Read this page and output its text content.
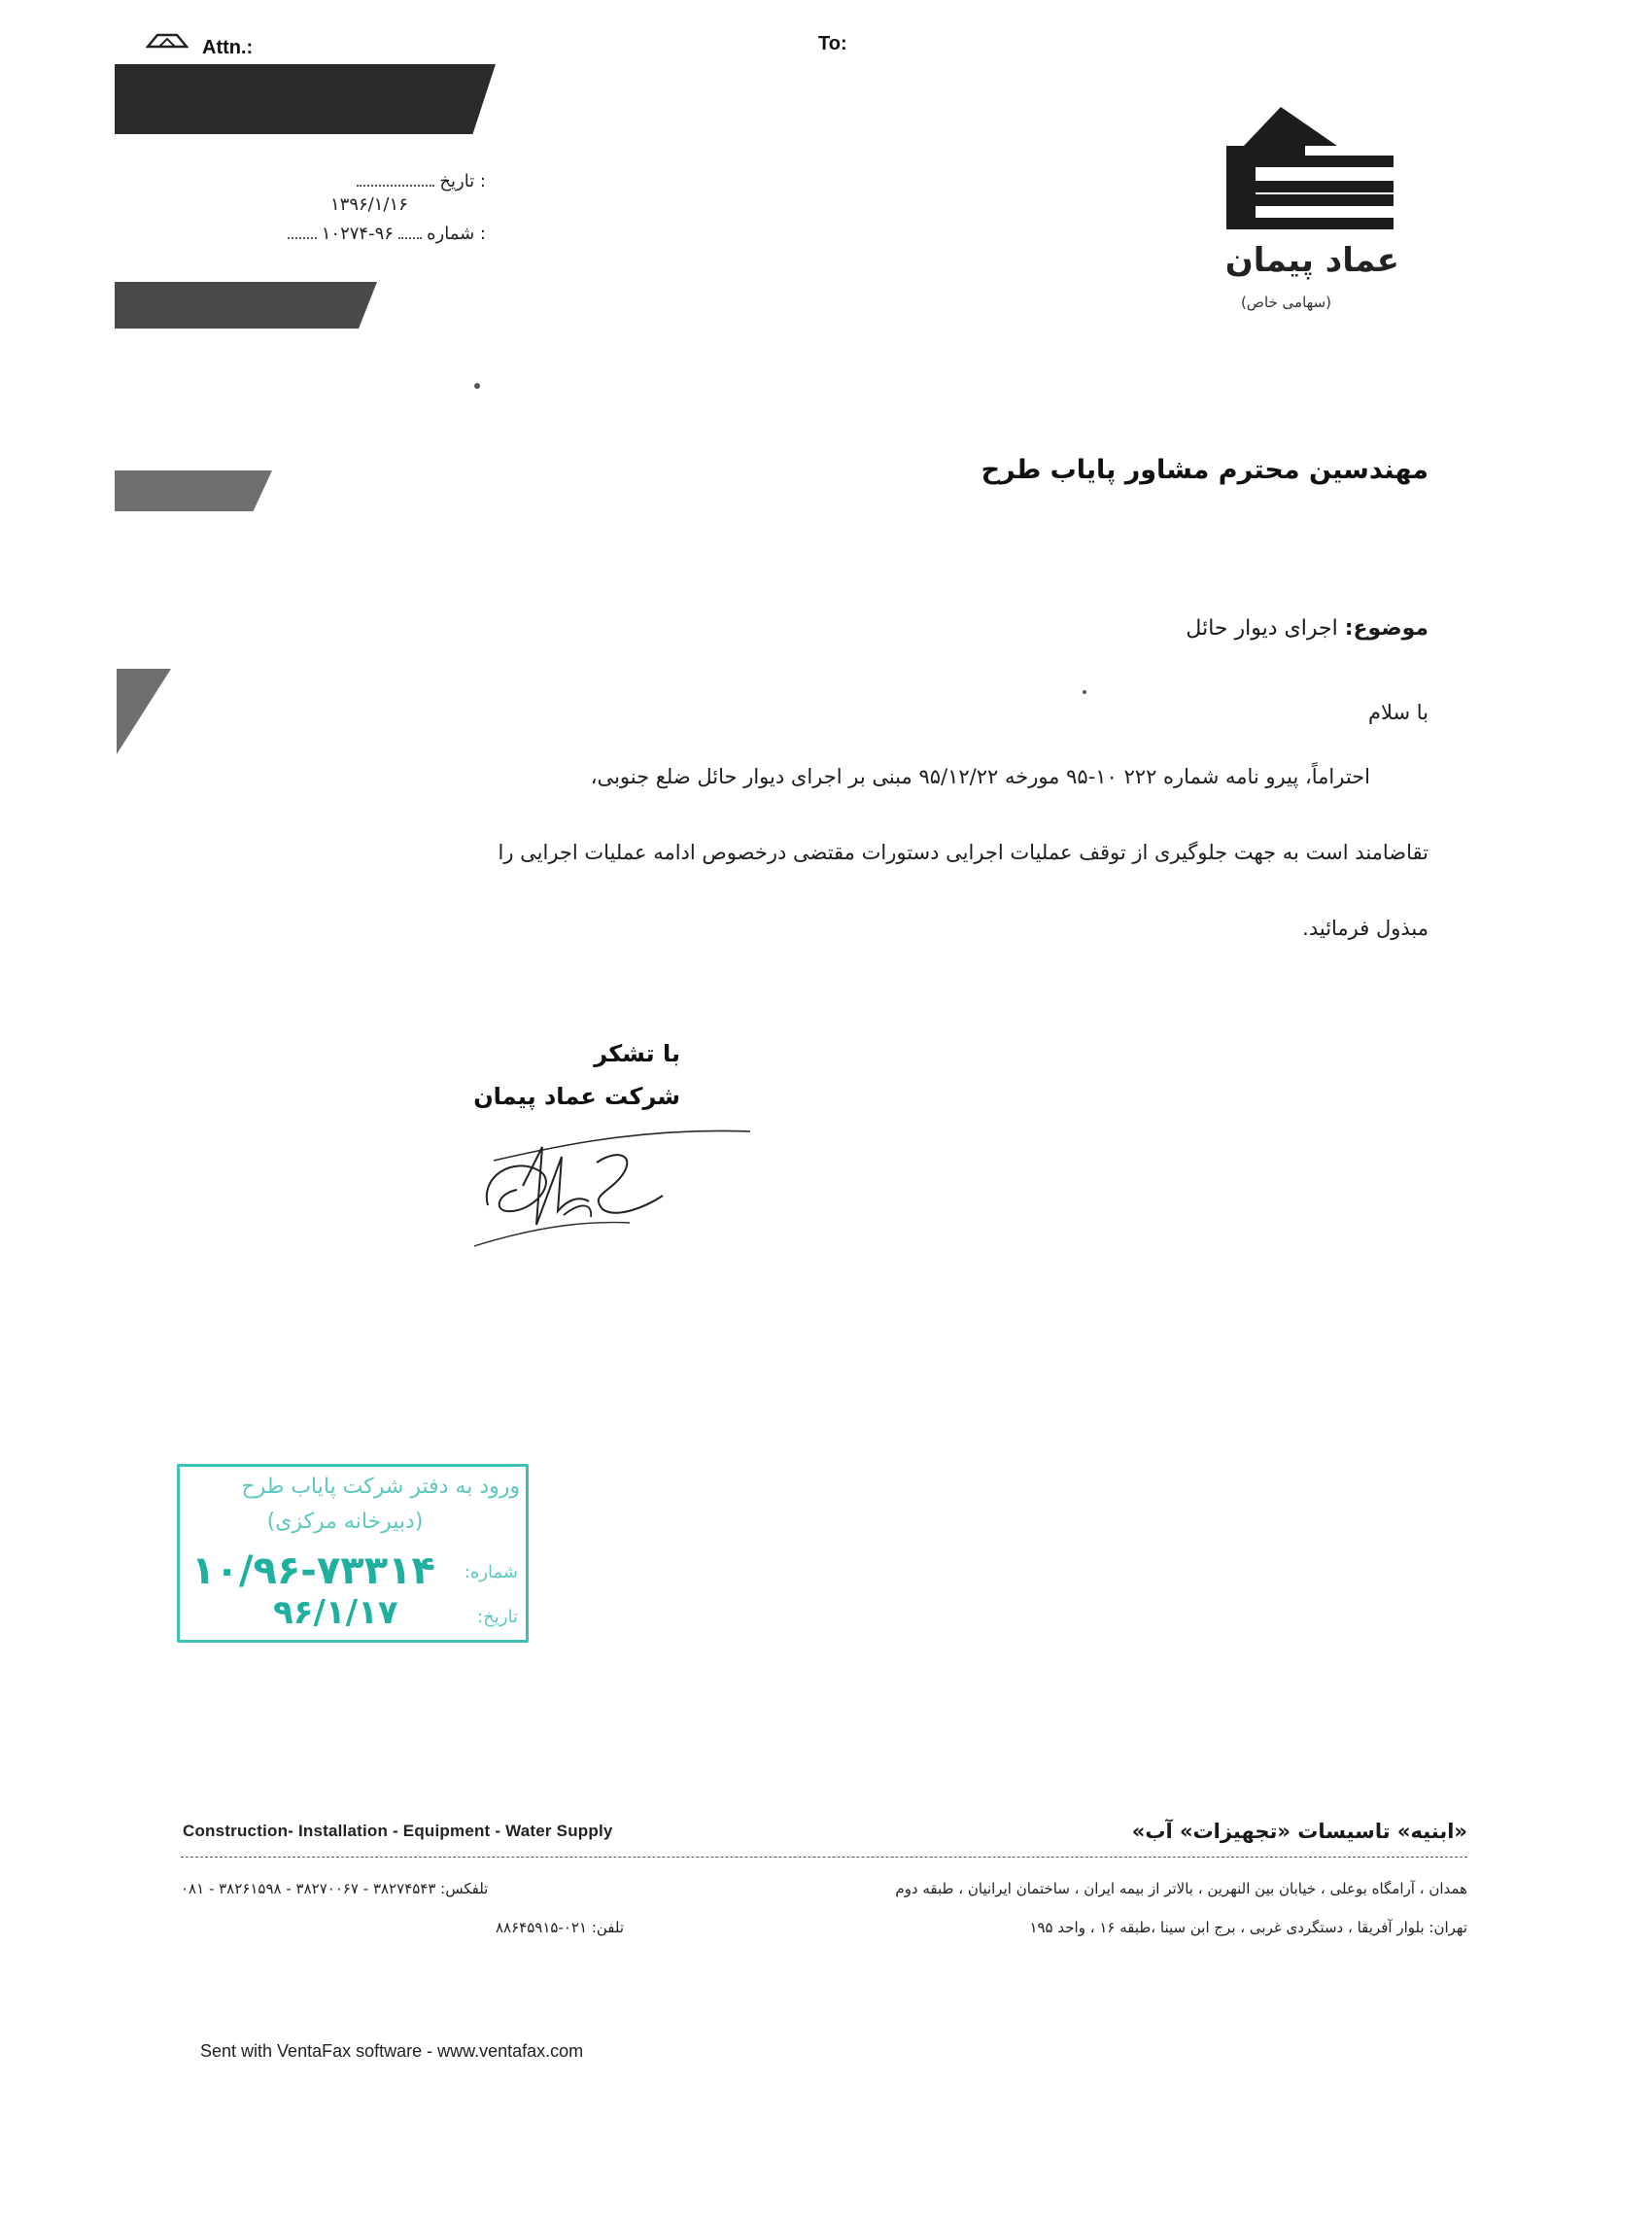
Attn.:	To:
: تاریخ
۱۳۹۶/۱/۱۶
: شماره  ۹۶-۱۰۲۷۴
عماد پیمان
(سهامی خاص)
مهندسین محترم مشاور پایاب طرح
موضوع: اجرای دیوار حائل
با سلام
احتراماً، پیرو نامه شماره ۲۲۲ ۱۰-۹۵ مورخه ۹۵/۱۲/۲۲ مبنی بر اجرای دیوار حائل ضلع جنوبی،
تقاضامند است به جهت جلوگیری از توقف عملیات اجرایی دستورات مقتضی درخصوص ادامه عملیات اجرایی را
مبذول فرمائید.
با تشکر
شرکت عماد پیمان
ورود به دفتر شرکت پایاب طرح
(دبیرخانه مرکزی)
شماره:
۱۰/۹۶-۷۳۳۱۴
تاریخ:
۹۶/۱/۱۷
Construction- Installation - Equipment - Water Supply	«ابنیه» تاسیسات «تجهیزات» آب»
تلفکس: ۳۸۲۷۴۵۴۳ - ۳۸۲۷۰۰۶۷ - ۳۸۲۶۱۵۹۸ - ۰۸۱	همدان ، آرامگاه بوعلی ، خیابان بین النهرین ، بالاتر از بیمه ایران ، ساختمان ایرانیان ، طبقه دوم
تلفن: ۰۲۱-۸۸۶۴۵۹۱۵	تهران: بلوار آفریقا ، دستگردی غربی ، برج ابن سینا ،طبقه ۱۶ ، واحد ۱۹۵
Sent with VentaFax software - www.ventafax.com
